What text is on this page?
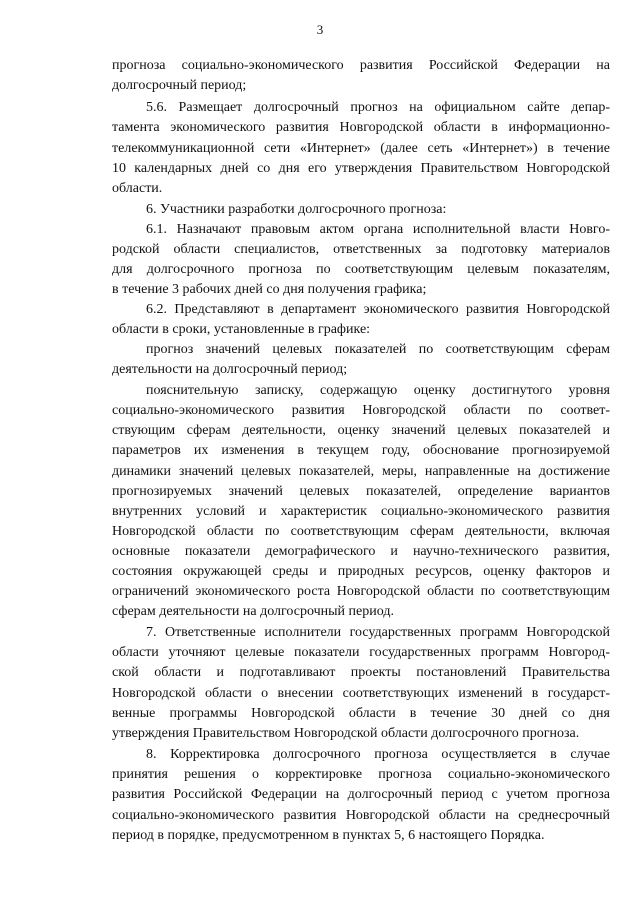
3
прогноза социально-экономического развития Российской Федерации на
долгосрочный период;
5.6. Размещает долгосрочный прогноз на официальном сайте депар-
тамента экономического развития Новгородской области в информационно-
телекоммуникационной сети «Интернет» (далее сеть «Интернет») в течение
10 календарных дней со дня его утверждения Правительством Новгородской
области.
6. Участники разработки долгосрочного прогноза:
6.1. Назначают правовым актом органа исполнительной власти Новго-
родской области специалистов, ответственных за подготовку материалов
для долгосрочного прогноза по соответствующим целевым показателям,
в течение 3 рабочих дней со дня получения графика;
6.2. Представляют в департамент экономического развития Новгородской
области в сроки, установленные в графике:
прогноз значений целевых показателей по соответствующим сферам
деятельности на долгосрочный период;
пояснительную записку, содержащую оценку достигнутого уровня
социально-экономического развития Новгородской области по соответ-
ствующим сферам деятельности, оценку значений целевых показателей и
параметров их изменения в текущем году, обоснование прогнозируемой
динамики значений целевых показателей, меры, направленные на достижение
прогнозируемых значений целевых показателей, определение вариантов
внутренних условий и характеристик социально-экономического развития
Новгородской области по соответствующим сферам деятельности, включая
основные показатели демографического и научно-технического развития,
состояния окружающей среды и природных ресурсов, оценку факторов и
ограничений экономического роста Новгородской области по соответствующим
сферам деятельности на долгосрочный период.
7. Ответственные исполнители государственных программ Новгородской
области уточняют целевые показатели государственных программ Новгород-
ской области и подготавливают проекты постановлений Правительства
Новгородской области о внесении соответствующих изменений в государст-
венные программы Новгородской области в течение 30 дней со дня
утверждения Правительством Новгородской области долгосрочного прогноза.
8. Корректировка долгосрочного прогноза осуществляется в случае
принятия решения о корректировке прогноза социально-экономического
развития Российской Федерации на долгосрочный период с учетом прогноза
социально-экономического развития Новгородской области на среднесрочный
период в порядке, предусмотренном в пунктах 5, 6 настоящего Порядка.
